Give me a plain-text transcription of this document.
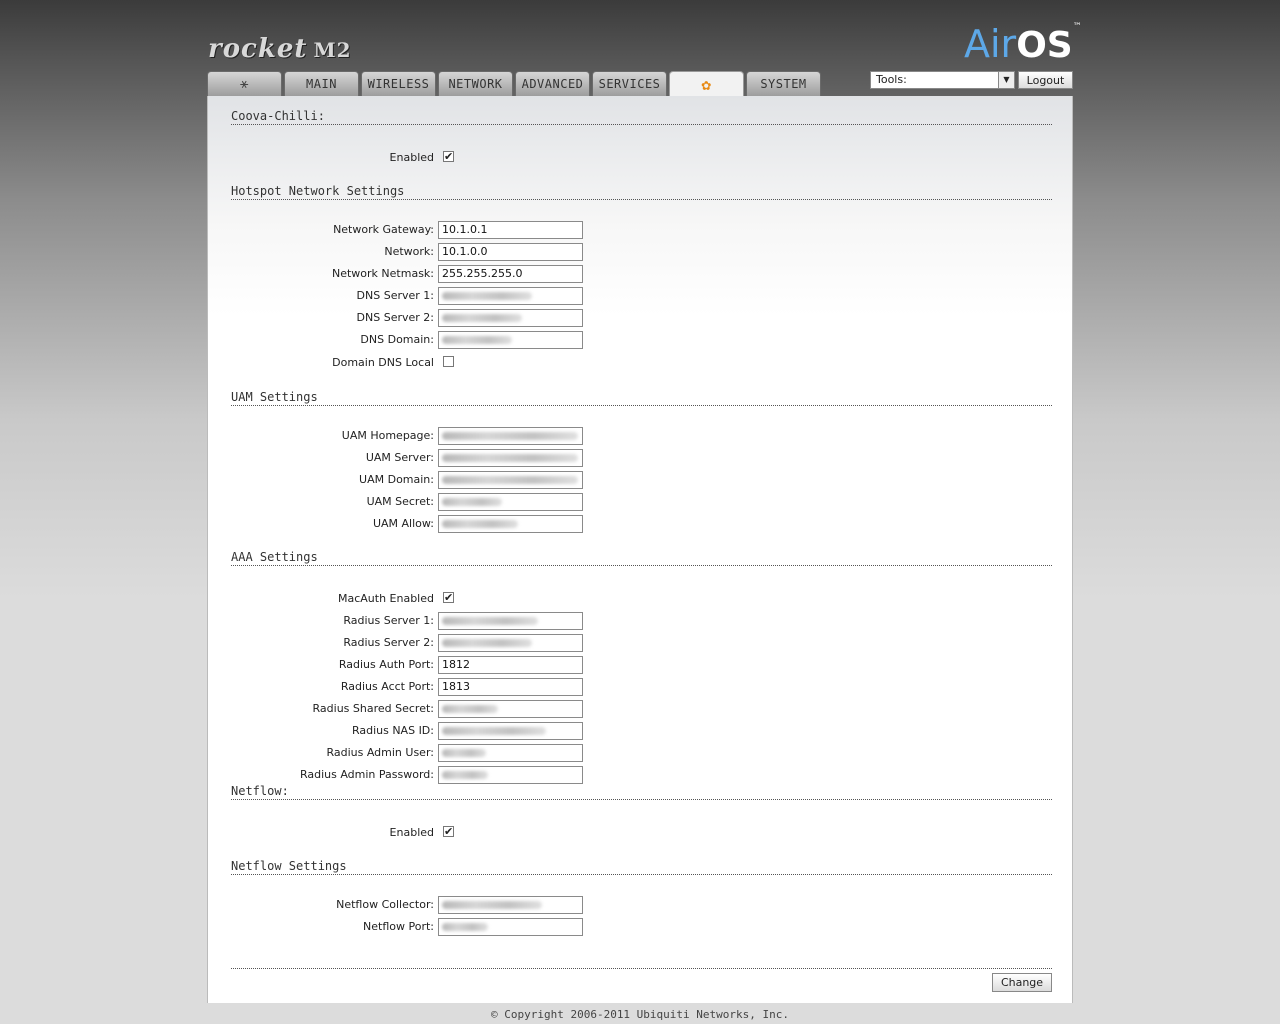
rocket M2	AirOS™
⚹	MAIN	WIRELESS	NETWORK	ADVANCED	SERVICES	✿	SYSTEM	Tools:	▼	Logout
Coova-Chilli:
Enabled ✔
Hotspot Network Settings
Network Gateway: 10.1.0.1
Network: 10.1.0.0
Network Netmask: 255.255.255.0
DNS Server 1:
DNS Server 2:
DNS Domain:
Domain DNS Local
UAM Settings
UAM Homepage:
UAM Server:
UAM Domain:
UAM Secret:
UAM Allow:
AAA Settings
MacAuth Enabled ✔
Radius Server 1:
Radius Server 2:
Radius Auth Port: 1812
Radius Acct Port: 1813
Radius Shared Secret:
Radius NAS ID:
Radius Admin User:
Radius Admin Password:
Netflow:
Enabled ✔
Netflow Settings
Netflow Collector:
Netflow Port:
Change
© Copyright 2006-2011 Ubiquiti Networks, Inc.
